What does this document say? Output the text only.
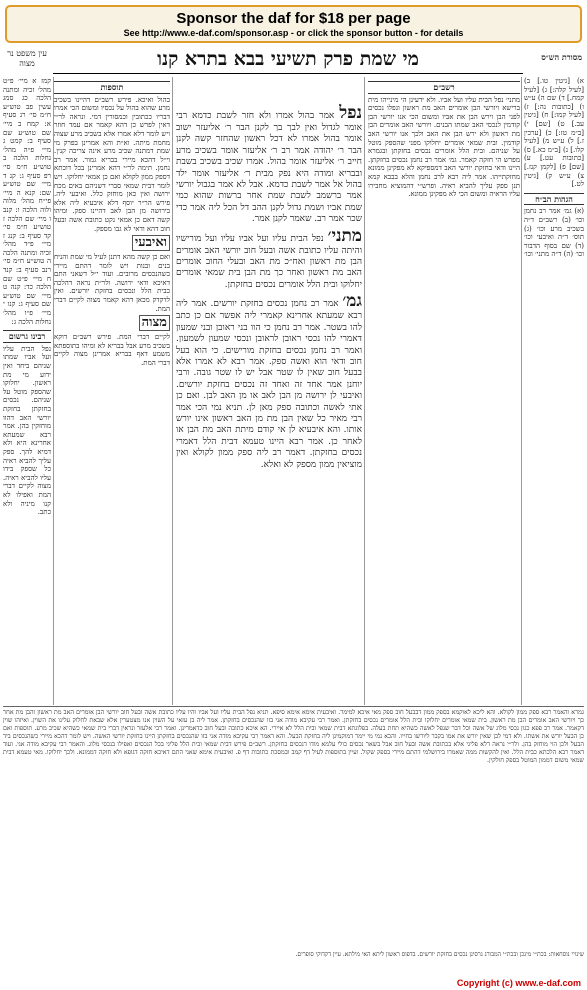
Sponsor the daf for $18 per page
See http://www.e-daf.com/sponsor.asp - or click the sponsor button - for details
מסורת הש״ס
מי שמת פרק תשיעי בבא בתרא קנו
עין משפט נר מצוה
א) [גיטין טו.] ב) [לעיל קלה:] ג) [לעיל קמח.] ד) שם ה) ע״ש ו) [כתובות נה:] ז) [לעיל קמו:] ח) [גיטין עב.] ט) [שם] י) [ב״מ טז:] כ) [ערכין ז.] ל) ע״ש מ) [לעיל קלו.] נ) [ב״מ כא.] ס) [כתובות עט.] ע) [שם] פ) [לקמן קנז.] צ) ע״ש ק) [גיטין לט.]
הגהות הב״ח
(א) גמ׳ אמר רב נחמן וכו׳ (ב) רשב״ם ד״ה בשכיב מרע וכו׳ (ג) תוס׳ ד״ה ואיבעי וכו׳ (ד) שם בסוף הדבור וכו׳ (ה) ד״ה מתני׳ וכו׳
רשב״ם
מתני׳ נפל הבית עליו ועל אביו. ולא ידעינן הי מינייהו מית ברישא ויורשי הבן אומרים האב מת ראשון ונפלו נכסים לפני הבן וירש הבן את אביו ומשום הכי אנו יורשי הבן קודמין לנכסי האב שמתו הבנים. ויורשי האב אומרים הבן מת ראשון ולא ירש הבן את האב ולכך אנו יורשי האב קודמין. ובית שמאי אומרים יחלוקו מפני שהספק מוטל על שניהם. ובית הלל אומרים נכסים בחזקתן ובגמרא מפרש הי חזקה קאמר. גמ׳ אמר רב נחמן נכסים בחזקתן. היינו ודאי בחזקת יורשי האב דמספיקא לא מפקינן ממונא מחזקתייהו. אמר ליה רבא לרב נחמן והלא בבבא קמא תנן ספק עליך להביא ראיה. ופרש״י דהמוציא מחבירו עליו הראיה ומשום הכי לא מפקינן ממונא.
נפל אמר בהול אמרו ולא חזר לשבת כדמא רבי אומר לגדול ואין לבך בך לקנן הבר ר׳ אליעזר ישוב אומר בהול אמרו לא דכל ראשון שהחזר קשה לקנן הבר ר׳ יהודה אמר רב ר׳ אליעזר אומר בשכיב מרע חייב ר׳ אליעזר אומר בהול. אמרו שכיב בשכיב בשבת ובבריא ומודה היא נפק מבית ר׳ אליעזר אומר ילד בהול אל אמר לשבת כדמא. אבל לא אמר בגבול יורשי אמר ברשמב לשבת שמת אחר ברשות שהוא כמי שמת אביו ושמת גדול לקנן ההב דל הכל ליה אמר כדי שכר אמר רב. שאמר לקנן אמר.
מתני׳ נפל הבית עליו ועל אביו עליו ועל מורישיו והיתה עליו כתובת אשה ובעל חוב יורשי האב אומרים הבן מת ראשון ואח״כ מת האב ובעלי החוב אומרים האב מת ראשון ואחר כך מת הבן בית שמאי אומרים יחלוקו ובית הלל אומרים נכסים בחזקתן.
גמ׳ אמר רב נחמן נכסים בחזקת יורשים. אמר ליה רבא שמעתא אחרינא קאמרי ליה אפשר אם כן כתב להו בשטר. אמר רב נחמן כי הוו בני ראובן ובני שמעון דאמרי להו נכסי ראובן לראובן ונכסי שמעון לשמעון. ואמר רב נחמן נכסים בחזקת מורישים. כי הוא בעל חוב ודאי הוא ואשה ספק. אמר רבא לא אמרו אלא בבעל חוב שאין לו שטר אבל יש לו שטר גובה. ורבי יוחנן אמר אחד זה ואחד זה נכסים בחזקת יורשים. ואיבעי לן ירושה מן הבן לאב או מן האב לבן. ואם כן אתי לאשה וכתובה ספק מאן לן. תניא נמי הכי אמר רבי מאיר כל שאין הבן מת מן האב ראשון אינו יורש אותו. והא איבעיא לן אי קודם מיתת האב מת הבן או לאחר כן. אמר רבא היינו טעמא דבית הלל דאמרי נכסים בחזקתן. דאמר רב ליה ספק ממון לקולא ואין מוציאין ממון מספק לא ואלא.
תוספות
בהול ואיכא. פירש רשב״ם דהיינו בשכיב מרע שהוא בהול על נכסיו ומשום הכי אמרו דבריו ככתובין וכמסורין דמי. ונראה לר״י דאין לפרש כן דהא קאמר אם עמד חוזר ויש לומר דלא אמרו אלא בשכיב מרע שצוה מחמת מיתה. וא״ת והא אמרינן בפרק מי שמת דמתנה שכיב מרע אינה צריכה קנין. וי״ל דהכא מיירי בבריא גמור. אמר רב נחמן. תימה לר״י דהא אמרינן בכל דוכתא דספק ממון לקולא ואם כן אמאי יחלוקו. ויש לומר דבית שמאי סברי דשניהם באים מכח ירושה ואין כאן מוחזק כלל. ואיבעי ליה. פירש הר״ר יוסף דלא איבעיא ליה אלא בירושה מן הבן לאב דהיינו ספק. ומיהו קשה דאם כן אמאי נקט כתובת אשה ובעל חוב דהא ודאי לא גבו מספק.
ואיבעי
ואם כן קשה מהא דתנן לעיל מי שמת והניח בנים ובנות ויש לומר דהתם מיירי כשהנכסים מרובים. ועוד י״ל דשאני התם דאיכא ודאי ירושה. ולר״ת נראה דהלכה כבית הלל ונכסים בחזקת יורשים. ואין לדקדק מכאן דהא קאמר מצוה לקיים דברי המת.
מצוה
לקיים דברי המת. פירש רשב״ם דוקא בשכיב מרע אבל בבריא לא ומיהו בתוספתא משמע דאף בבריא אמרינן מצוה לקיים דברי המת.
קמז א מיי׳ פ״ט מהל׳ זכיה ומתנה הלכה כג סמג עשין פב טוש״ע ח״מ סי׳ רנ סעיף א: קמח ב מיי׳ שם טוש״ע שם סעיף ב: קמט ג מיי׳ פ״ה מהל׳ נחלות הלכה ב טוש״ע ח״מ סי׳ רפ סעיף ג: קנ ד מיי׳ שם טוש״ע שם: קנא ה מיי׳ פי״ח מהל׳ מלוה ולוה הלכה ו: קנב ו מיי׳ שם הלכה ז טוש״ע ח״מ סי׳ קד סעיף ב: קנג ז מיי׳ פ״ד מהל׳ זכיה ומתנה הלכה ה טוש״ע ח״מ סי׳ רנב סעיף ב: קנד ח מיי׳ פ״ט שם הלכה כד: קנה ט מיי׳ שם טוש״ע שם סעיף ג: קנו י מיי׳ פ״ו מהל׳ נחלות הלכה ג:
רבינו גרשום
נפל הבית עליו ועל אביו שמתו שניהם ביחד ואין ידוע מי מת ראשון. יחלוקו שהספק מוטל על שניהם. נכסים בחזקתן בחזקת יורשי האב דהוו מוחזקין בהן. אמר רבא שמעתא אחרינא היא ולא דמיא להך. ספק עליך להביא ראיה כל שספק בידו עליו להביא ראיה. מצוה לקיים דברי המת ואפילו לא קנו מיניה ולא כתב.
גמרא והאמר רבא ספק ממון לקולא. והא ליכא לאוקמא בספק ממון דבבעל חוב ספק מאי איכא למימר. ואיבעית אימא אימא סיפא. תניא נפל הבית עליו ועל אביו והיו עליו כתובת אשה ובעל חוב יורשי הבן אומרים האב מת ראשון והבן מת אחר כך ויורשי האב אומרים הבן מת ראשון. בית שמאי אומרים יחלוקו ובית הלל אומרים נכסים בחזקתן. ואמר רבי עקיבא מודה אני בזו שהנכסים בחזקתן. אמר ליה בן עזאי על השוין אנו מצטערין אלא שבאת לחלוק עלינו את השוין. ואיזהו שוין דקאמר. אמר רב פפא כגון נכסי מלוג של אשה וכל דבר שנפל לאשה כשהיא תחת בעלה. בפלוגתא דבית שמאי ובית הלל לא איירי. הא איכא כתובה ובעל חוב כדאמרינן. ואמר רבי אלעזר ונראין דברי בית שמאי כשהיא שכיב מרע. תוספות ואם כן הבעל יורש את אשתו. ולא דמי לבן שאין יורש את אמו בקבר ליורשו בחייו. והכא נמי מי יימר דמוקמינן ליה בחזקת הבעל. והא דאמר רבי עקיבא מודה אני בזו שהנכסים בחזקתן היינו בחזקת יורשי האשה. ויש לומר דהכא מיירי כשהנכסים ביד הבעל ולכן הוי מוחזק בהן. ולר״י נראה דלא פליגי אלא בכתובת אשה ובעל חוב אבל בשאר נכסים כולי עלמא מודו דנכסים בחזקתן. רשב״ם פירש דבית שמאי ובית הלל פליגי בכל הנכסים ואפילו בנכסי מלוג. והאמר רבי עקיבא מודה אני. ועוד דאמר רבא הלכתא כבית הלל. ואין להקשות ממה שאמרו בירושלמי דהתם מיירי בספק שקול. ועיין בתוספות לעיל דף קמב ובמסכת כתובות דף פ. ואיבעית אימא שאני התם דאיכא חזקה דגופא ולא חזקה דממונא. ולכך יחלוקו. מאי טעמא דבית שמאי משום דממון המוטל בספק חולקין.
שינויי נוסחאות: בכת״י מינכן ובכת״י המבורג גרסינן נכסים בחזקת יורשים. בדפוס ראשון ליתא האי מילתא. עיין דקדוקי סופרים.
Copyright (c) www.e-daf.com
